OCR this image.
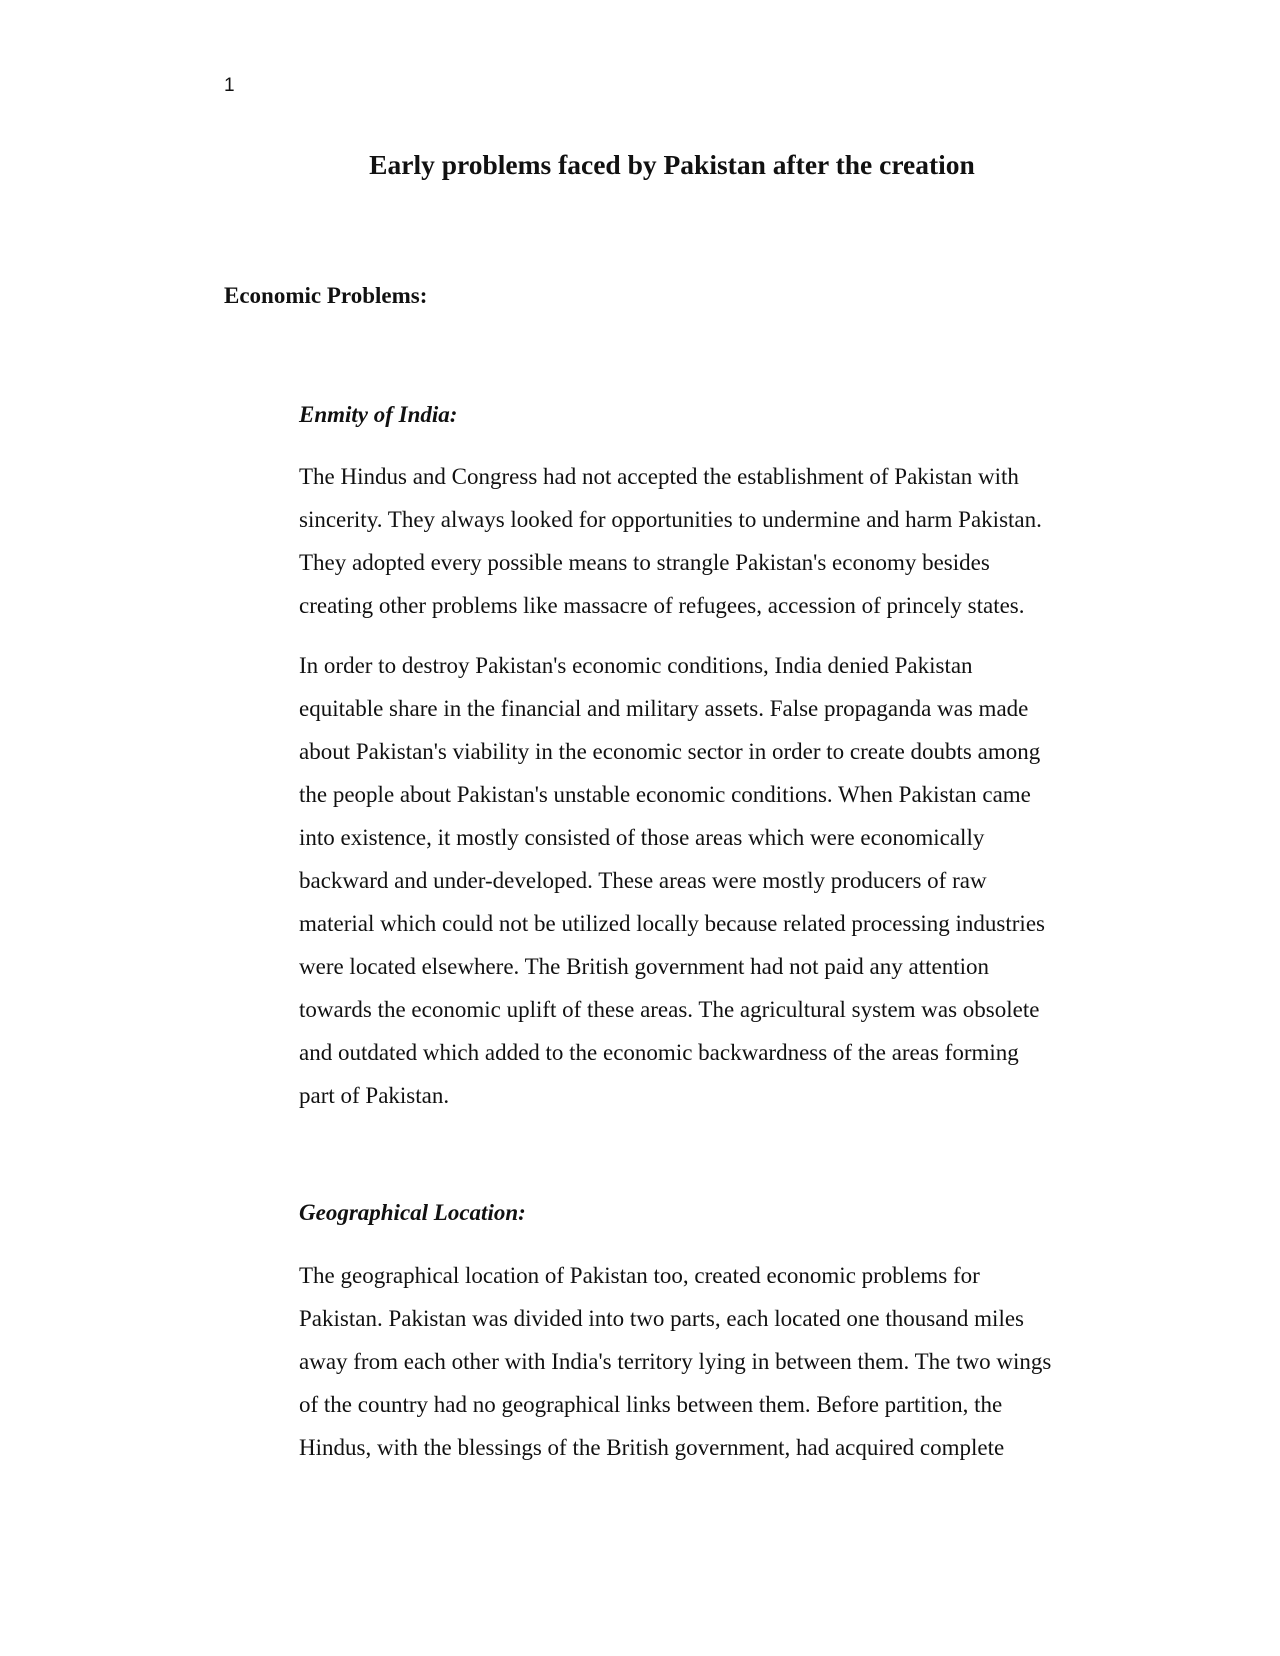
1

Early problems faced by Pakistan after the creation
Economic Problems:
Enmity of India:
The Hindus and Congress had not accepted the establishment of Pakistan with
sincerity. They always looked for opportunities to undermine and harm Pakistan.
They adopted every possible means to strangle Pakistan's economy besides
creating other problems like massacre of refugees, accession of princely states.
In order to destroy Pakistan's economic conditions, India denied Pakistan
equitable share in the financial and military assets. False propaganda was made
about Pakistan's viability in the economic sector in order to create doubts among
the people about Pakistan's unstable economic conditions. When Pakistan came
into existence, it mostly consisted of those areas which were economically
backward and under-developed. These areas were mostly producers of raw
material which could not be utilized locally because related processing industries
were located elsewhere. The British government had not paid any attention
towards the economic uplift of these areas. The agricultural system was obsolete
and outdated which added to the economic backwardness of the areas forming
part of Pakistan.
Geographical Location:
The geographical location of Pakistan too, created economic problems for
Pakistan. Pakistan was divided into two parts, each located one thousand miles
away from each other with India's territory lying in between them. The two wings
of the country had no geographical links between them. Before partition, the
Hindus, with the blessings of the British government, had acquired complete
